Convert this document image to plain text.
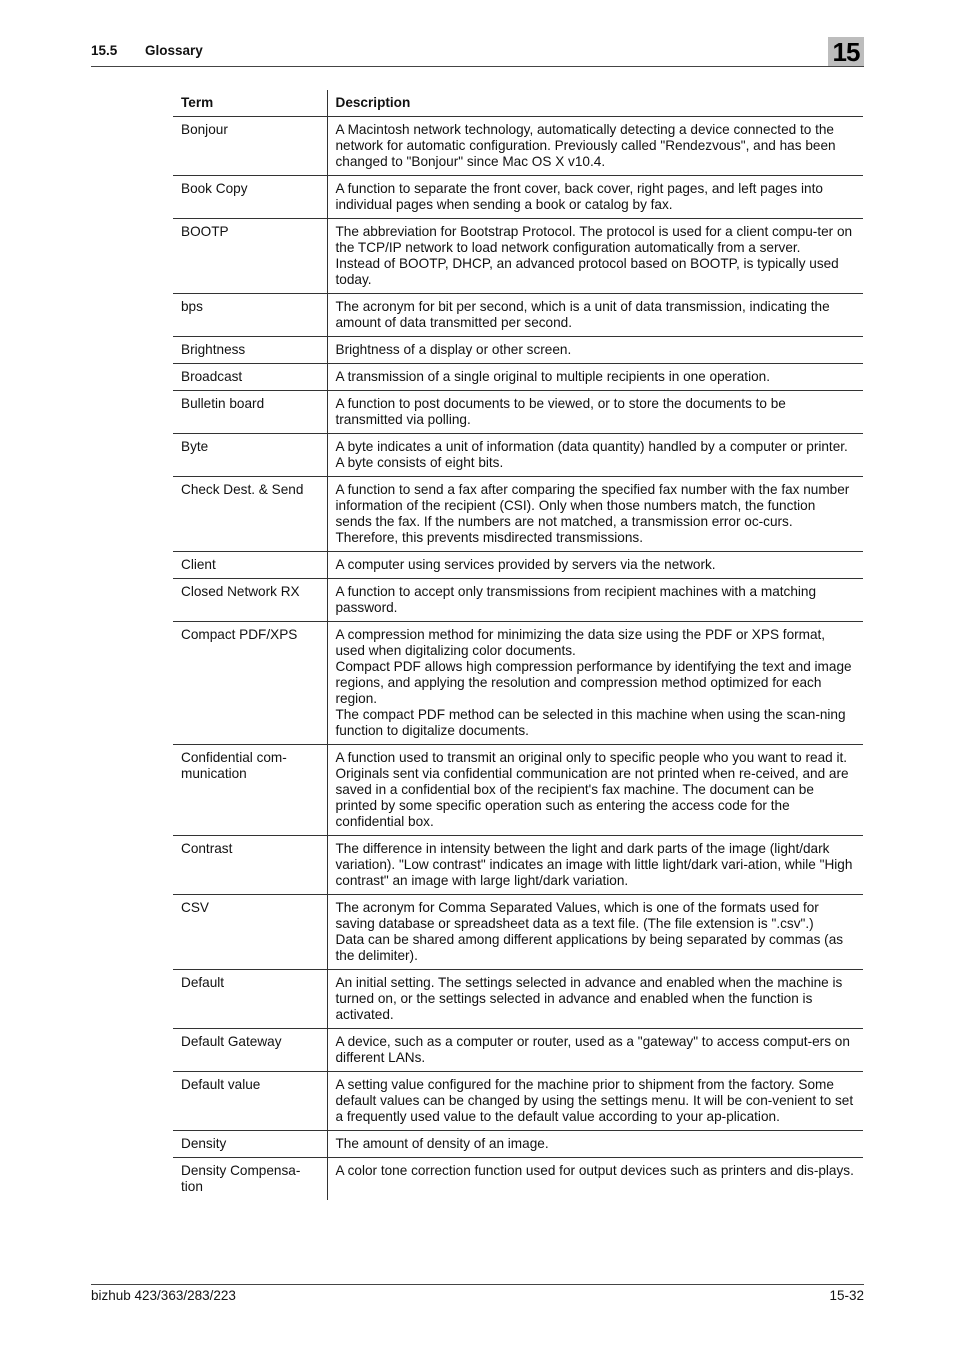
15.5 Glossary	15
Term	Description
Bonjour	A Macintosh network technology, automatically detecting a device connected to the network for automatic configuration. Previously called "Rendezvous", and has been changed to "Bonjour" since Mac OS X v10.4.

Book Copy	A function to separate the front cover, back cover, right pages, and left pages into individual pages when sending a book or catalog by fax.

BOOTP	The abbreviation for Bootstrap Protocol. The protocol is used for a client compu-ter on the TCP/IP network to load network configuration automatically from a server.
Instead of BOOTP, DHCP, an advanced protocol based on BOOTP, is typically used today.

bps	The acronym for bit per second, which is a unit of data transmission, indicating the amount of data transmitted per second.

Brightness	Brightness of a display or other screen.

Broadcast	A transmission of a single original to multiple recipients in one operation.

Bulletin board	A function to post documents to be viewed, or to store the documents to be transmitted via polling.

Byte	A byte indicates a unit of information (data quantity) handled by a computer or printer. A byte consists of eight bits.

Check Dest. & Send	A function to send a fax after comparing the specified fax number with the fax number information of the recipient (CSI). Only when those numbers match, the function sends the fax. If the numbers are not matched, a transmission error oc-curs. Therefore, this prevents misdirected transmissions.

Client	A computer using services provided by servers via the network.

Closed Network RX	A function to accept only transmissions from recipient machines with a matching password.

Compact PDF/XPS	A compression method for minimizing the data size using the PDF or XPS format, used when digitalizing color documents.
Compact PDF allows high compression performance by identifying the text and image regions, and applying the resolution and compression method optimized for each region.
The compact PDF method can be selected in this machine when using the scan-ning function to digitalize documents.

Confidential com-munication	A function used to transmit an original only to specific people who you want to read it. Originals sent via confidential communication are not printed when re-ceived, and are saved in a confidential box of the recipient's fax machine. The document can be printed by some specific operation such as entering the access code for the confidential box.

Contrast	The difference in intensity between the light and dark parts of the image (light/dark variation). "Low contrast" indicates an image with little light/dark vari-ation, while "High contrast" an image with large light/dark variation.

CSV	The acronym for Comma Separated Values, which is one of the formats used for saving database or spreadsheet data as a text file. (The file extension is ".csv".)
Data can be shared among different applications by being separated by commas (as the delimiter).

Default	An initial setting. The settings selected in advance and enabled when the machine is turned on, or the settings selected in advance and enabled when the function is activated.

Default Gateway	A device, such as a computer or router, used as a "gateway" to access comput-ers on different LANs.

Default value	A setting value configured for the machine prior to shipment from the factory. Some default values can be changed by using the settings menu. It will be con-venient to set a frequently used value to the default value according to your ap-plication.

Density	The amount of density of an image.

Density Compensa-tion	A color tone correction function used for output devices such as printers and dis-plays.
bizhub 423/363/283/223	15-32
